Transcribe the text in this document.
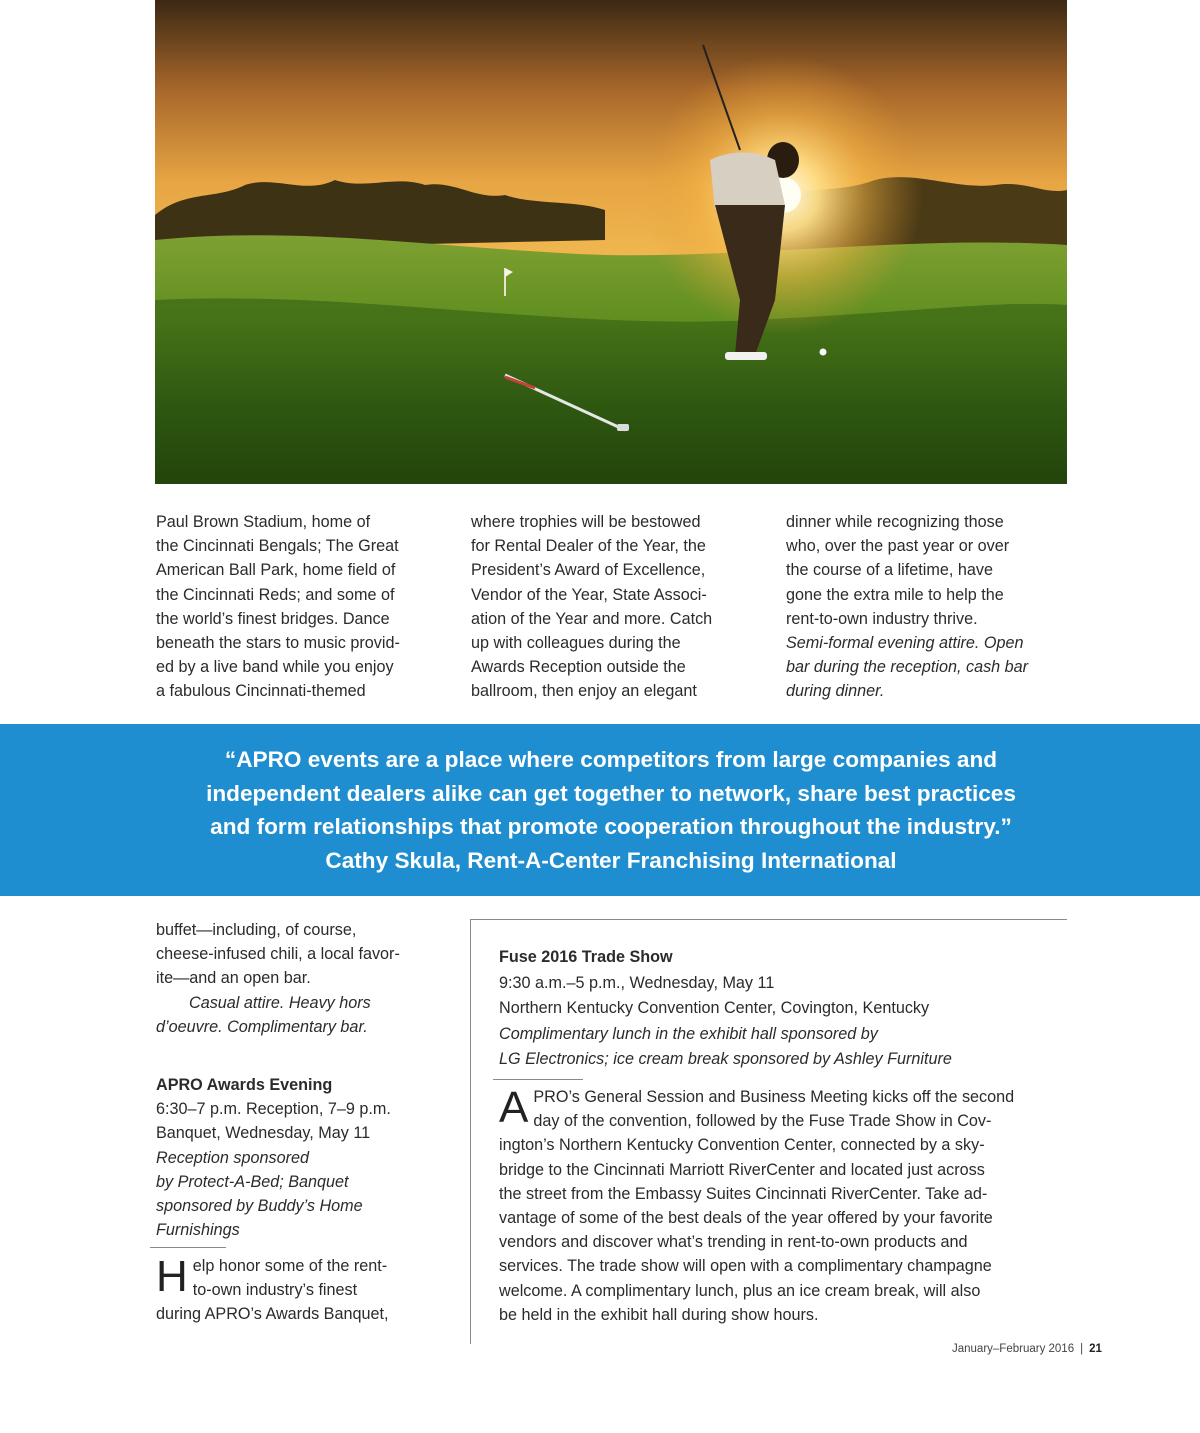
Paul Brown Stadium, home of

the Cincinnati Bengals; The Great

American Ball Park, home field of

the Cincinnati Reds; and some of

the world’s finest bridges. Dance

beneath the stars to music provid-

ed by a live band while you enjoy

a fabulous Cincinnati-themed

where trophies will be bestowed

for Rental Dealer of the Year, the

President’s Award of Excellence,

Vendor of the Year, State Associ-

ation of the Year and more. Catch

up with colleagues during the

Awards Reception outside the

ballroom, then enjoy an elegant

dinner while recognizing those

who, over the past year or over

the course of a lifetime, have

gone the extra mile to help the

rent-to-own industry thrive.

Semi-formal evening attire. Open

bar during the reception, cash bar

during dinner.

“APRO events are a place where competitors from large companies and
independent dealers alike can get together to network, share best practices
and form relationships that promote cooperation throughout the industry.”
Cathy Skula, Rent-A-Center Franchising International

buffet—including, of course,

cheese-infused chili, a local favor-

ite—and an open bar.

Casual attire. Heavy hors

d’oeuvre. Complimentary bar.

APRO Awards Evening

6:30–7 p.m. Reception, 7–9 p.m.

Banquet, Wednesday, May 11

Reception sponsored

by Protect-A-Bed; Banquet

sponsored by Buddy’s Home

Furnishings

H elp honor some of the rent-

to-own industry’s finest

during APRO’s Awards Banquet,

Fuse 2016 Trade Show

9:30 a.m.–5 p.m., Wednesday, May 11

Northern Kentucky Convention Center, Covington, Kentucky

Complimentary lunch in the exhibit hall sponsored by

LG Electronics; ice cream break sponsored by Ashley Furniture

A PRO’s General Session and Business Meeting kicks off the second

day of the convention, followed by the Fuse Trade Show in Cov-

ington’s Northern Kentucky Convention Center, connected by a sky-

bridge to the Cincinnati Marriott RiverCenter and located just across

the street from the Embassy Suites Cincinnati RiverCenter. Take ad-

vantage of some of the best deals of the year offered by your favorite

vendors and discover what’s trending in rent-to-own products and

services. The trade show will open with a complimentary champagne

welcome. A complimentary lunch, plus an ice cream break, will also

be held in the exhibit hall during show hours.

January–February 2016 | 21
